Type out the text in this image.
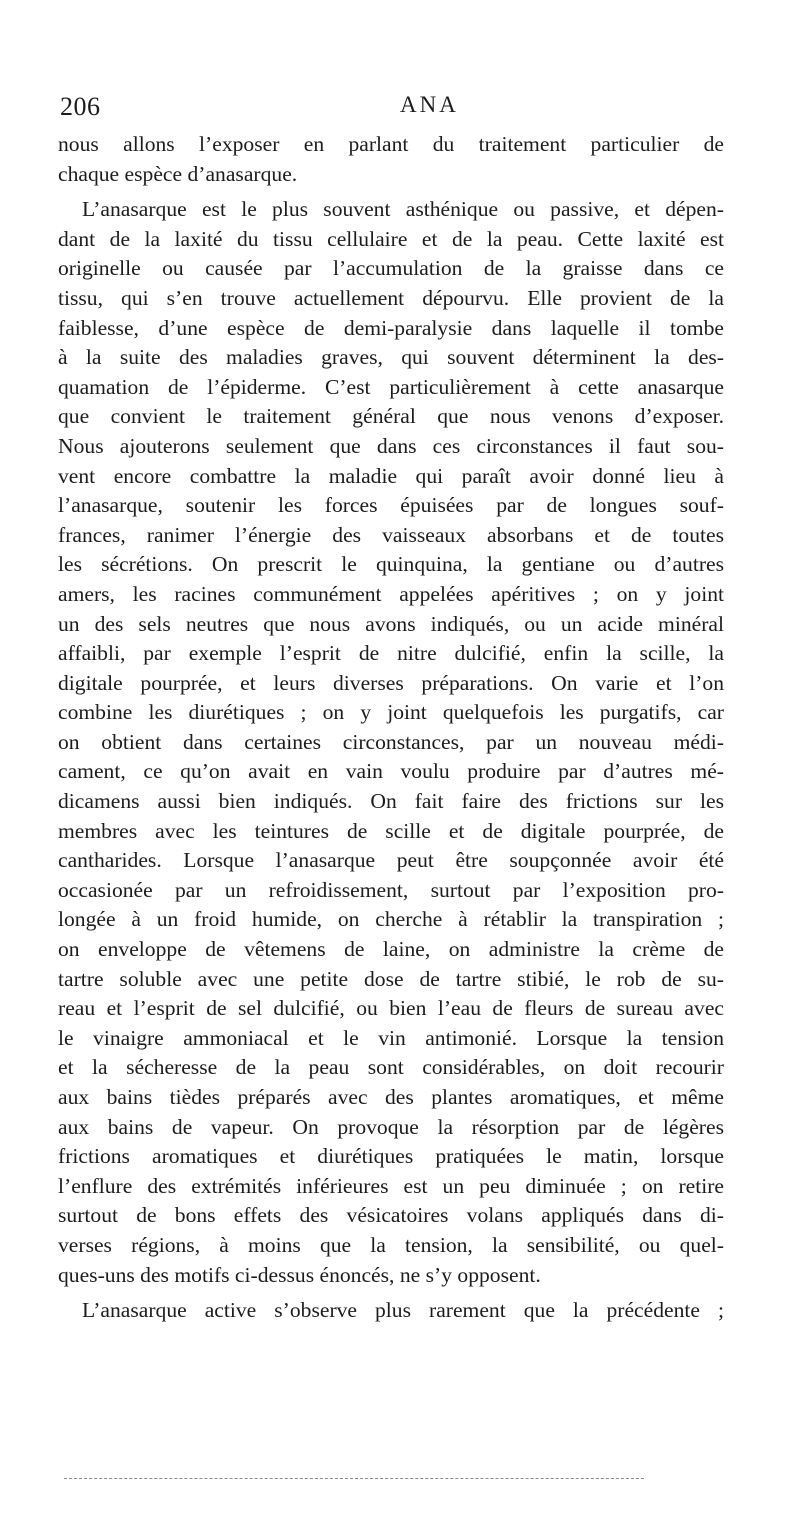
206	ANA
nous allons l’exposer en parlant du traitement particulier de
chaque espèce d’anasarque.
L’anasarque est le plus souvent asthénique ou passive, et dépen-
dant de la laxité du tissu cellulaire et de la peau. Cette laxité est
originelle ou causée par l’accumulation de la graisse dans ce
tissu, qui s’en trouve actuellement dépourvu. Elle provient de la
faiblesse, d’une espèce de demi-paralysie dans laquelle il tombe
à la suite des maladies graves, qui souvent déterminent la des-
quamation de l’épiderme. C’est particulièrement à cette anasarque
que convient le traitement général que nous venons d’exposer.
Nous ajouterons seulement que dans ces circonstances il faut sou-
vent encore combattre la maladie qui paraît avoir donné lieu à
l’anasarque, soutenir les forces épuisées par de longues souf-
frances, ranimer l’énergie des vaisseaux absorbans et de toutes
les sécrétions. On prescrit le quinquina, la gentiane ou d’autres
amers, les racines communément appelées apéritives ; on y joint
un des sels neutres que nous avons indiqués, ou un acide minéral
affaibli, par exemple l’esprit de nitre dulcifié, enfin la scille, la
digitale pourprée, et leurs diverses préparations. On varie et l’on
combine les diurétiques ; on y joint quelquefois les purgatifs, car
on obtient dans certaines circonstances, par un nouveau médi-
cament, ce qu’on avait en vain voulu produire par d’autres mé-
dicamens aussi bien indiqués. On fait faire des frictions sur les
membres avec les teintures de scille et de digitale pourprée, de
cantharides. Lorsque l’anasarque peut être soupçonnée avoir été
occasionée par un refroidissement, surtout par l’exposition pro-
longée à un froid humide, on cherche à rétablir la transpiration ;
on enveloppe de vêtemens de laine, on administre la crème de
tartre soluble avec une petite dose de tartre stibié, le rob de su-
reau et l’esprit de sel dulcifié, ou bien l’eau de fleurs de sureau avec
le vinaigre ammoniacal et le vin antimonié. Lorsque la tension
et la sécheresse de la peau sont considérables, on doit recourir
aux bains tièdes préparés avec des plantes aromatiques, et même
aux bains de vapeur. On provoque la résorption par de légères
frictions aromatiques et diurétiques pratiquées le matin, lorsque
l’enflure des extrémités inférieures est un peu diminuée ; on retire
surtout de bons effets des vésicatoires volans appliqués dans di-
verses régions, à moins que la tension, la sensibilité, ou quel-
ques-uns des motifs ci-dessus énoncés, ne s’y opposent.
L’anasarque active s’observe plus rarement que la précédente ;
